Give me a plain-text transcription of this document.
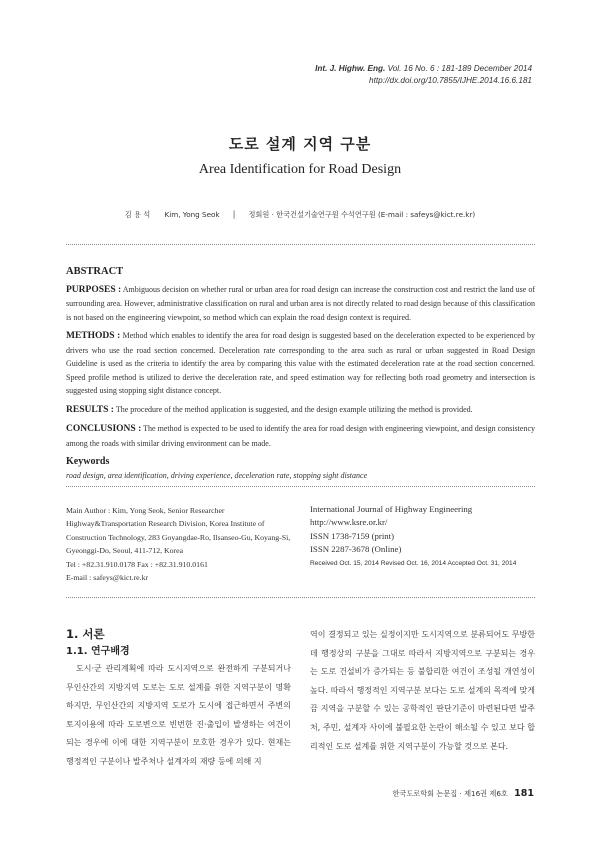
Int. J. Highw. Eng. Vol. 16 No. 6 : 181-189 December 2014
http://dx.doi.org/10.7855/IJHE.2014.16.6.181
도로 설계 지역 구분
Area Identification for Road Design
김 용 석 Kim, Yong Seok │ 정회원 · 한국건설기술연구원 수석연구원 (E-mail : safeys@kict.re.kr)
ABSTRACT

PURPOSES : Ambiguous decision on whether rural or urban area for road design can increase the construction cost and restrict the land use of surrounding area. However, administrative classification on rural and urban area is not directly related to road design because of this classification is not based on the engineering viewpoint, so method which can explain the road design context is required.

METHODS : Method which enables to identify the area for road design is suggested based on the deceleration expected to be experienced by drivers who use the road section concerned. Deceleration rate corresponding to the area such as rural or urban suggested in Road Design Guideline is used as the criteria to identify the area by comparing this value with the estimated deceleration rate at the road section concerned. Speed profile method is utilized to derive the deceleration rate, and speed estimation way for reflecting both road geometry and intersection is suggested using stopping sight distance concept.

RESULTS : The procedure of the method application is suggested, and the design example utilizing the method is provided.

CONCLUSIONS : The method is expected to be used to identify the area for road design with engineering viewpoint, and design consistency among the roads with similar driving environment can be made.

Keywords
road design, area identification, driving experience, deceleration rate, stopping sight distance
Main Author : Kim, Yong Seok, Senior Researcher
Highway&Transportation Research Division, Korea Institute of
Construction Technology, 283 Goyangdae-Ro, Ilsanseo-Gu, Koyang-Si,
Gyeonggi-Do, Seoul, 411-712, Korea
Tel : +82.31.910.0178 Fax : +82.31.910.0161
E-mail : safeys@kict.re.kr
International Journal of Highway Engineering
http://www.ksre.or.kr/
ISSN 1738-7159 (print)
ISSN 2287-3678 (Online)
Received Oct. 15, 2014 Revised Oct. 16, 2014 Accepted Oct. 31, 2014
1. 서론
1.1. 연구배경
도시·군 관리계획에 따라 도시지역으로 완전하게 구분되거나 무인산간의 지방지역 도로는 도로 설계를 위한 지역구분이 명확하지만, 무인산간의 지방지역 도로가 도시에 접근하면서 주변의 토지이용에 따라 도로변으로 빈번한 진·출입이 발생하는 여건이 되는 경우에 이에 대한 지역구분이 모호한 경우가 있다. 현재는 행정적인 구분이나 발주처나 설계자의 재량 등에 의해 지
역이 결정되고 있는 실정이지만 도시지역으로 분류되어도 무방한데 행정상의 구분을 그대로 따라서 지방지역으로 구분되는 경우는 도로 건설비가 증가되는 등 불합리한 여건이 조성될 개연성이 높다. 따라서 행정적인 지역구분 보다는 도로 설계의 목적에 맞게끔 지역을 구분할 수 있는 공학적인 판단기준이 마련된다면 발주처, 주민, 설계자 사이에 불필요한 논란이 해소될 수 있고 보다 합리적인 도로 설계를 위한 지역구분이 가능할 것으로 본다.
한국도로학회 논문집 · 제16권 제6호 181
